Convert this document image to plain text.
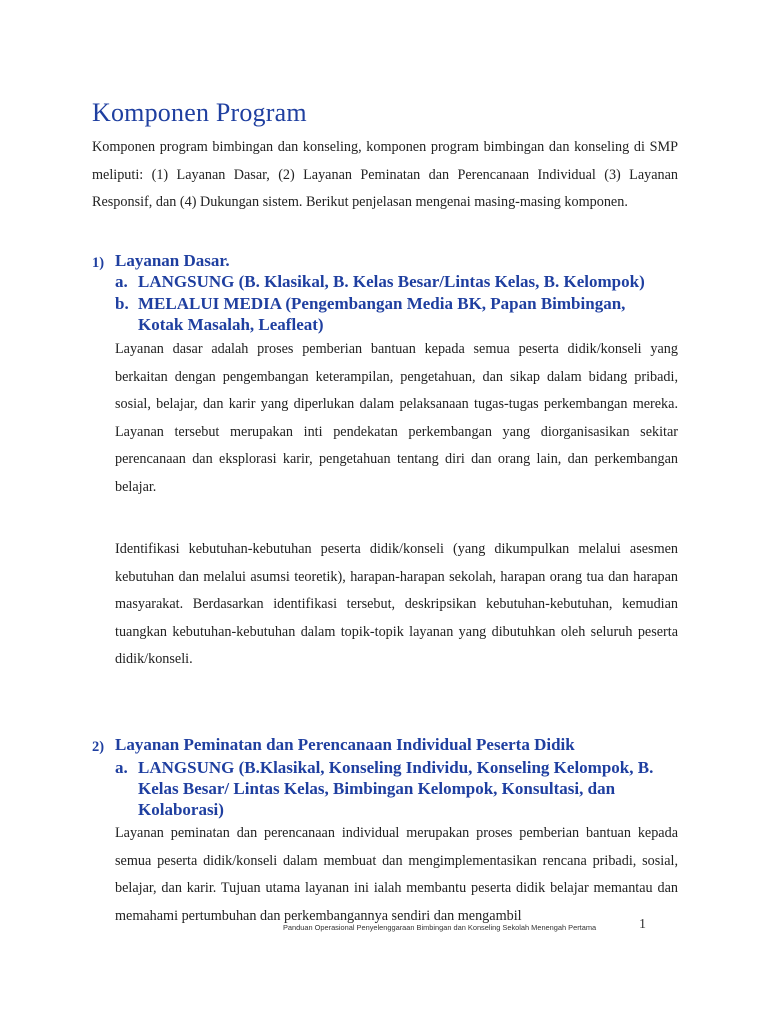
Komponen Program

Komponen program bimbingan dan konseling, komponen program bimbingan dan konseling di SMP meliputi: (1) Layanan Dasar, (2) Layanan Peminatan dan Perencanaan Individual (3) Layanan Responsif, dan (4) Dukungan sistem. Berikut penjelasan mengenai masing-masing komponen.

1) Layanan Dasar.
a. LANGSUNG (B. Klasikal, B. Kelas Besar/Lintas Kelas, B. Kelompok)
b. MELALUI MEDIA (Pengembangan Media BK, Papan Bimbingan, Kotak Masalah, Leafleat)

Layanan dasar adalah proses pemberian bantuan kepada semua peserta didik/konseli yang berkaitan dengan pengembangan keterampilan, pengetahuan, dan sikap dalam bidang pribadi, sosial, belajar, dan karir yang diperlukan dalam pelaksanaan tugas-tugas perkembangan mereka. Layanan tersebut merupakan inti pendekatan perkembangan yang diorganisasikan sekitar perencanaan dan eksplorasi karir, pengetahuan tentang diri dan orang lain, dan perkembangan belajar.

Identifikasi kebutuhan-kebutuhan peserta didik/konseli (yang dikumpulkan melalui asesmen kebutuhan dan melalui asumsi teoretik), harapan-harapan sekolah, harapan orang tua dan harapan masyarakat. Berdasarkan identifikasi tersebut, deskripsikan kebutuhan-kebutuhan, kemudian tuangkan kebutuhan-kebutuhan dalam topik-topik layanan yang dibutuhkan oleh seluruh peserta didik/konseli.

2) Layanan Peminatan dan Perencanaan Individual Peserta Didik
a. LANGSUNG (B.Klasikal, Konseling Individu, Konseling Kelompok, B. Kelas Besar/ Lintas Kelas, Bimbingan Kelompok, Konsultasi, dan Kolaborasi)

Layanan peminatan dan perencanaan individual merupakan proses pemberian bantuan kepada semua peserta didik/konseli dalam membuat dan mengimplementasikan rencana pribadi, sosial, belajar, dan karir. Tujuan utama layanan ini ialah membantu peserta didik belajar memantau dan memahami pertumbuhan dan perkembangannya sendiri dan mengambil

Panduan Operasional Penyelenggaraan Bimbingan dan Konseling Sekolah Menengah Pertama	1
